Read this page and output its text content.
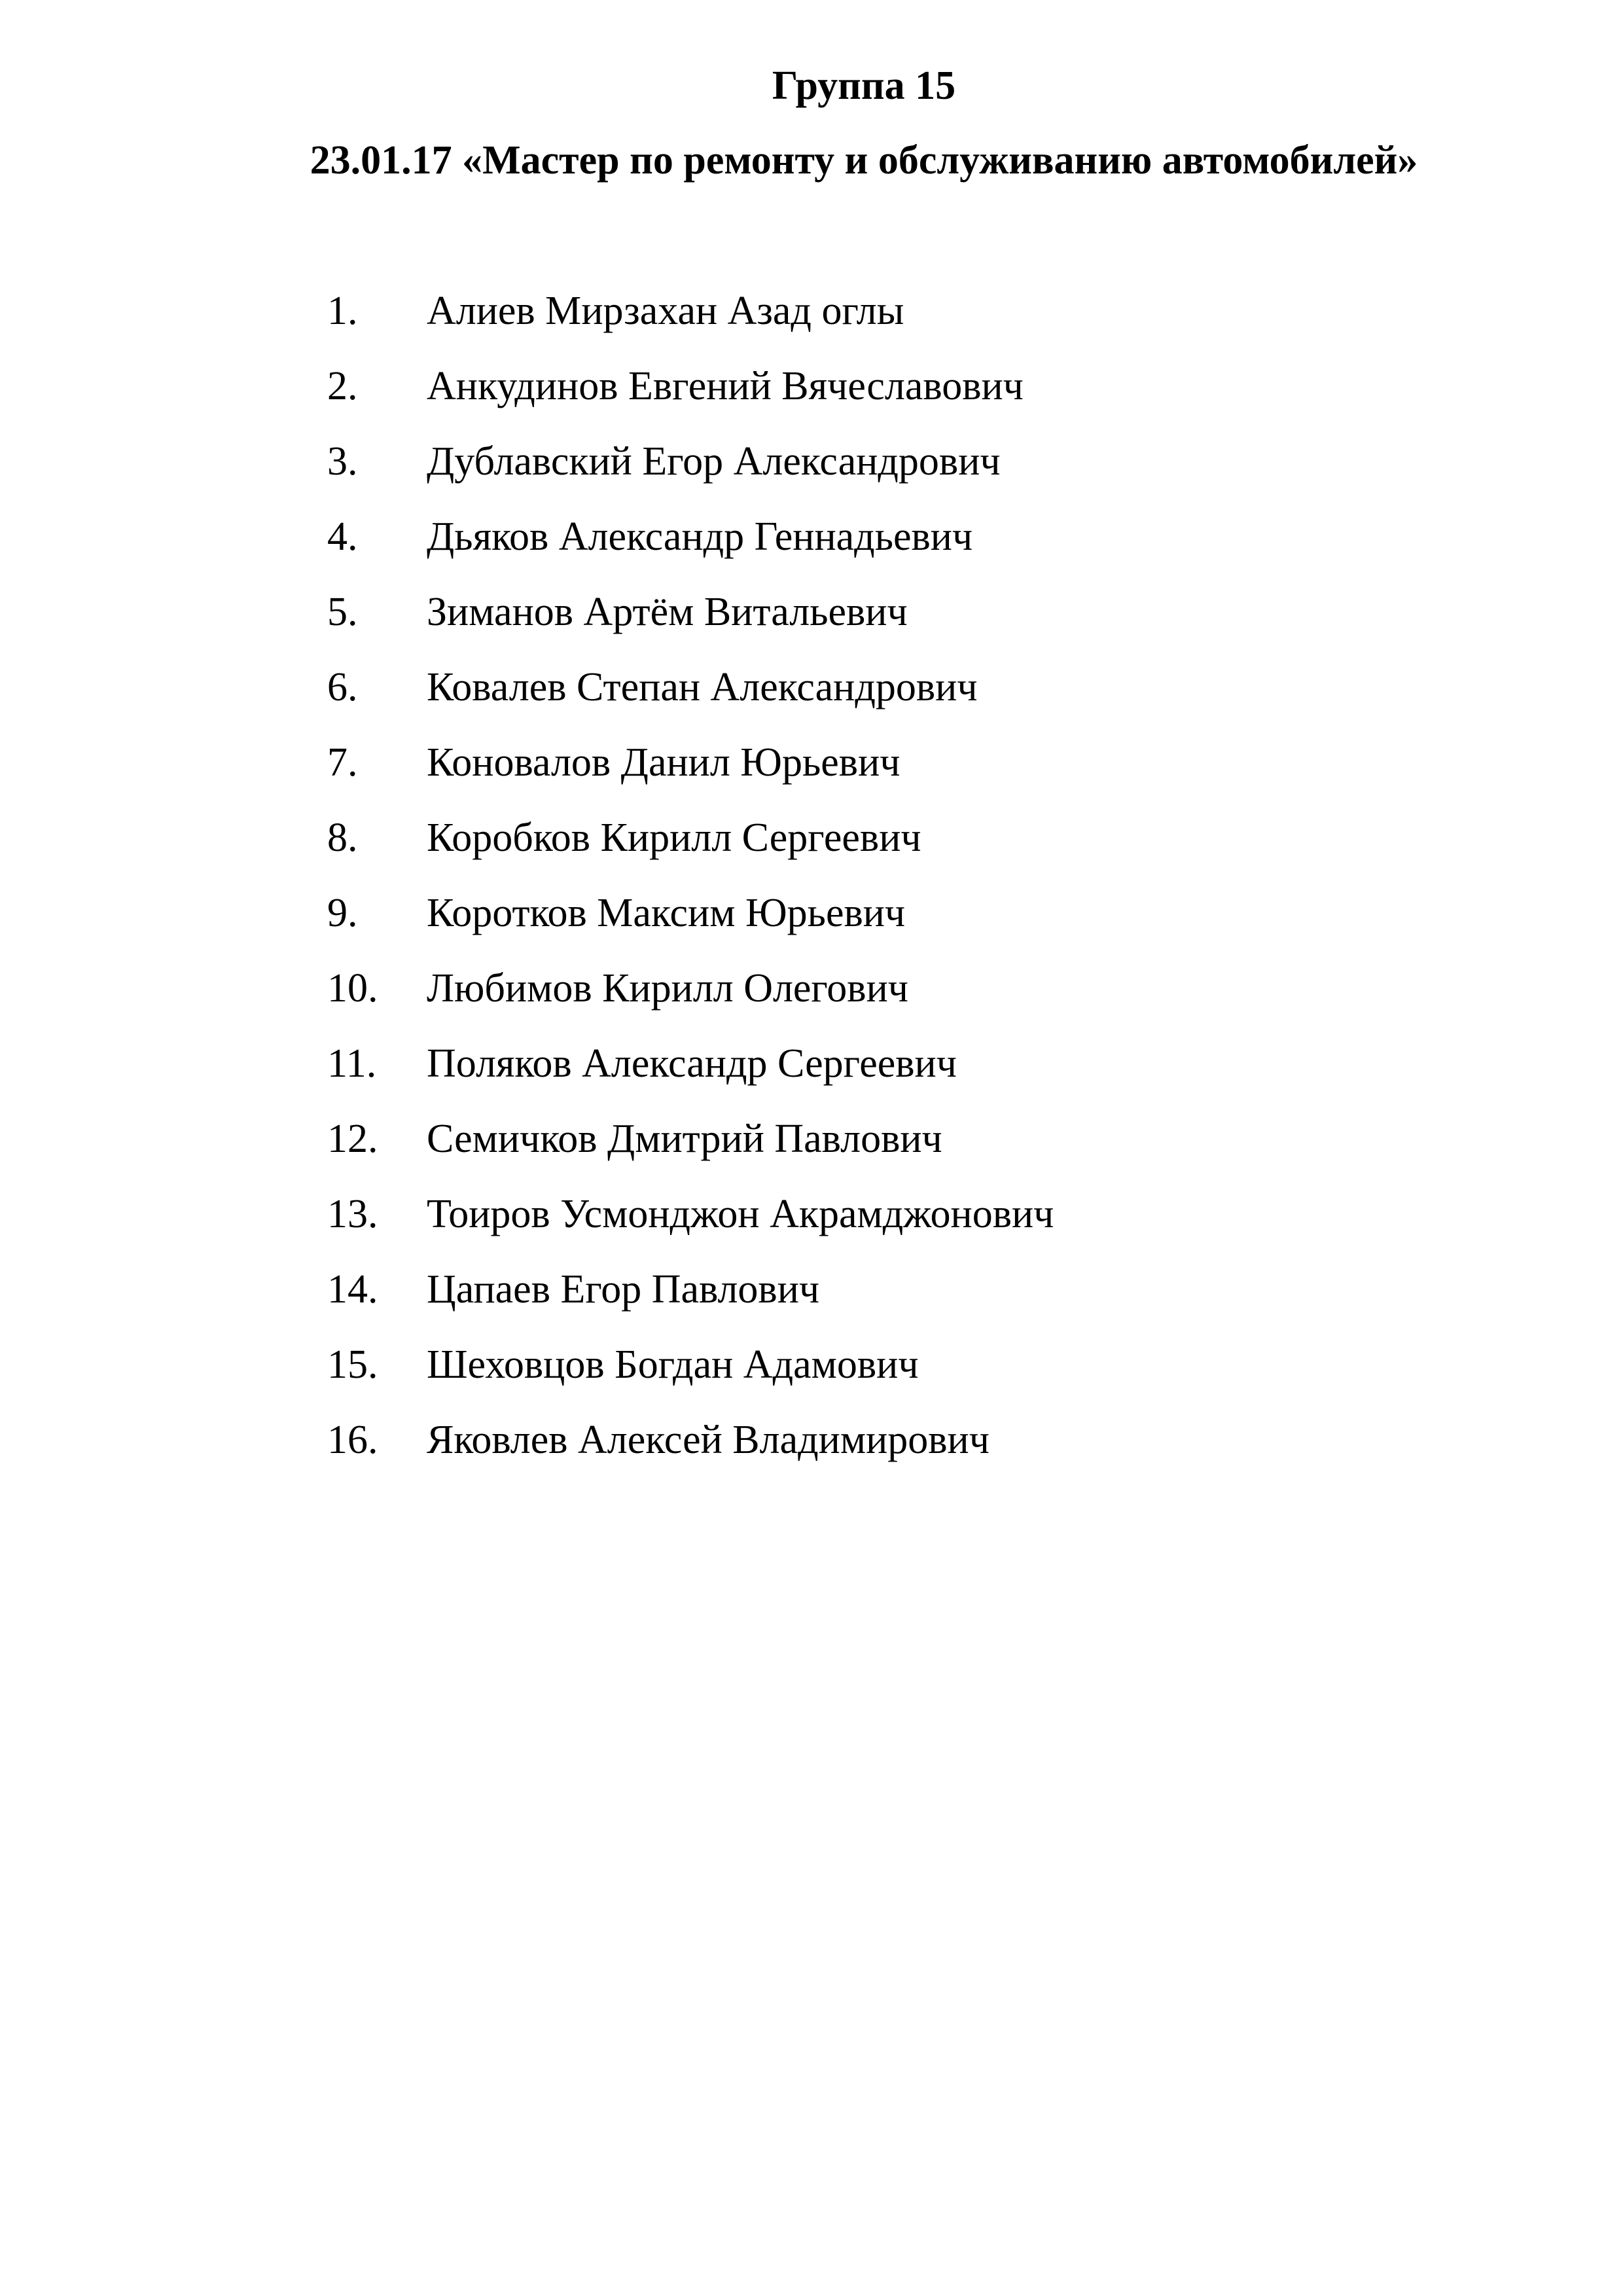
Группа 15
23.01.17 «Мастер по ремонту и обслуживанию автомобилей»
1. Алиев Мирзахан Азад оглы
2. Анкудинов Евгений Вячеславович
3. Дублавский Егор Александрович
4. Дьяков Александр Геннадьевич
5. Зиманов Артём Витальевич
6. Ковалев Степан Александрович
7. Коновалов Данил Юрьевич
8. Коробков Кирилл Сергеевич
9. Коротков Максим Юрьевич
10. Любимов Кирилл Олегович
11. Поляков Александр Сергеевич
12. Семичков Дмитрий Павлович
13. Тоиров Усмонджон Акрамджонович
14. Цапаев Егор Павлович
15. Шеховцов Богдан Адамович
16. Яковлев Алексей Владимирович
